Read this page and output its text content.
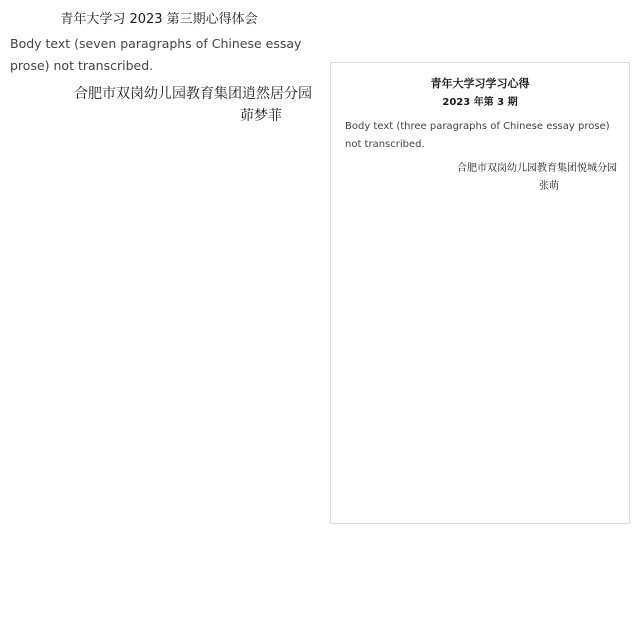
青年大学习 2023 第三期心得体会
Body text (seven paragraphs of Chinese essay prose) not transcribed.
合肥市双岗幼儿园教育集团逍然居分园
茆梦菲
青年大学习学习心得
2023 年第 3 期
Body text (three paragraphs of Chinese essay prose) not transcribed.
合肥市双岗幼儿园教育集团悦城分园
张萌
